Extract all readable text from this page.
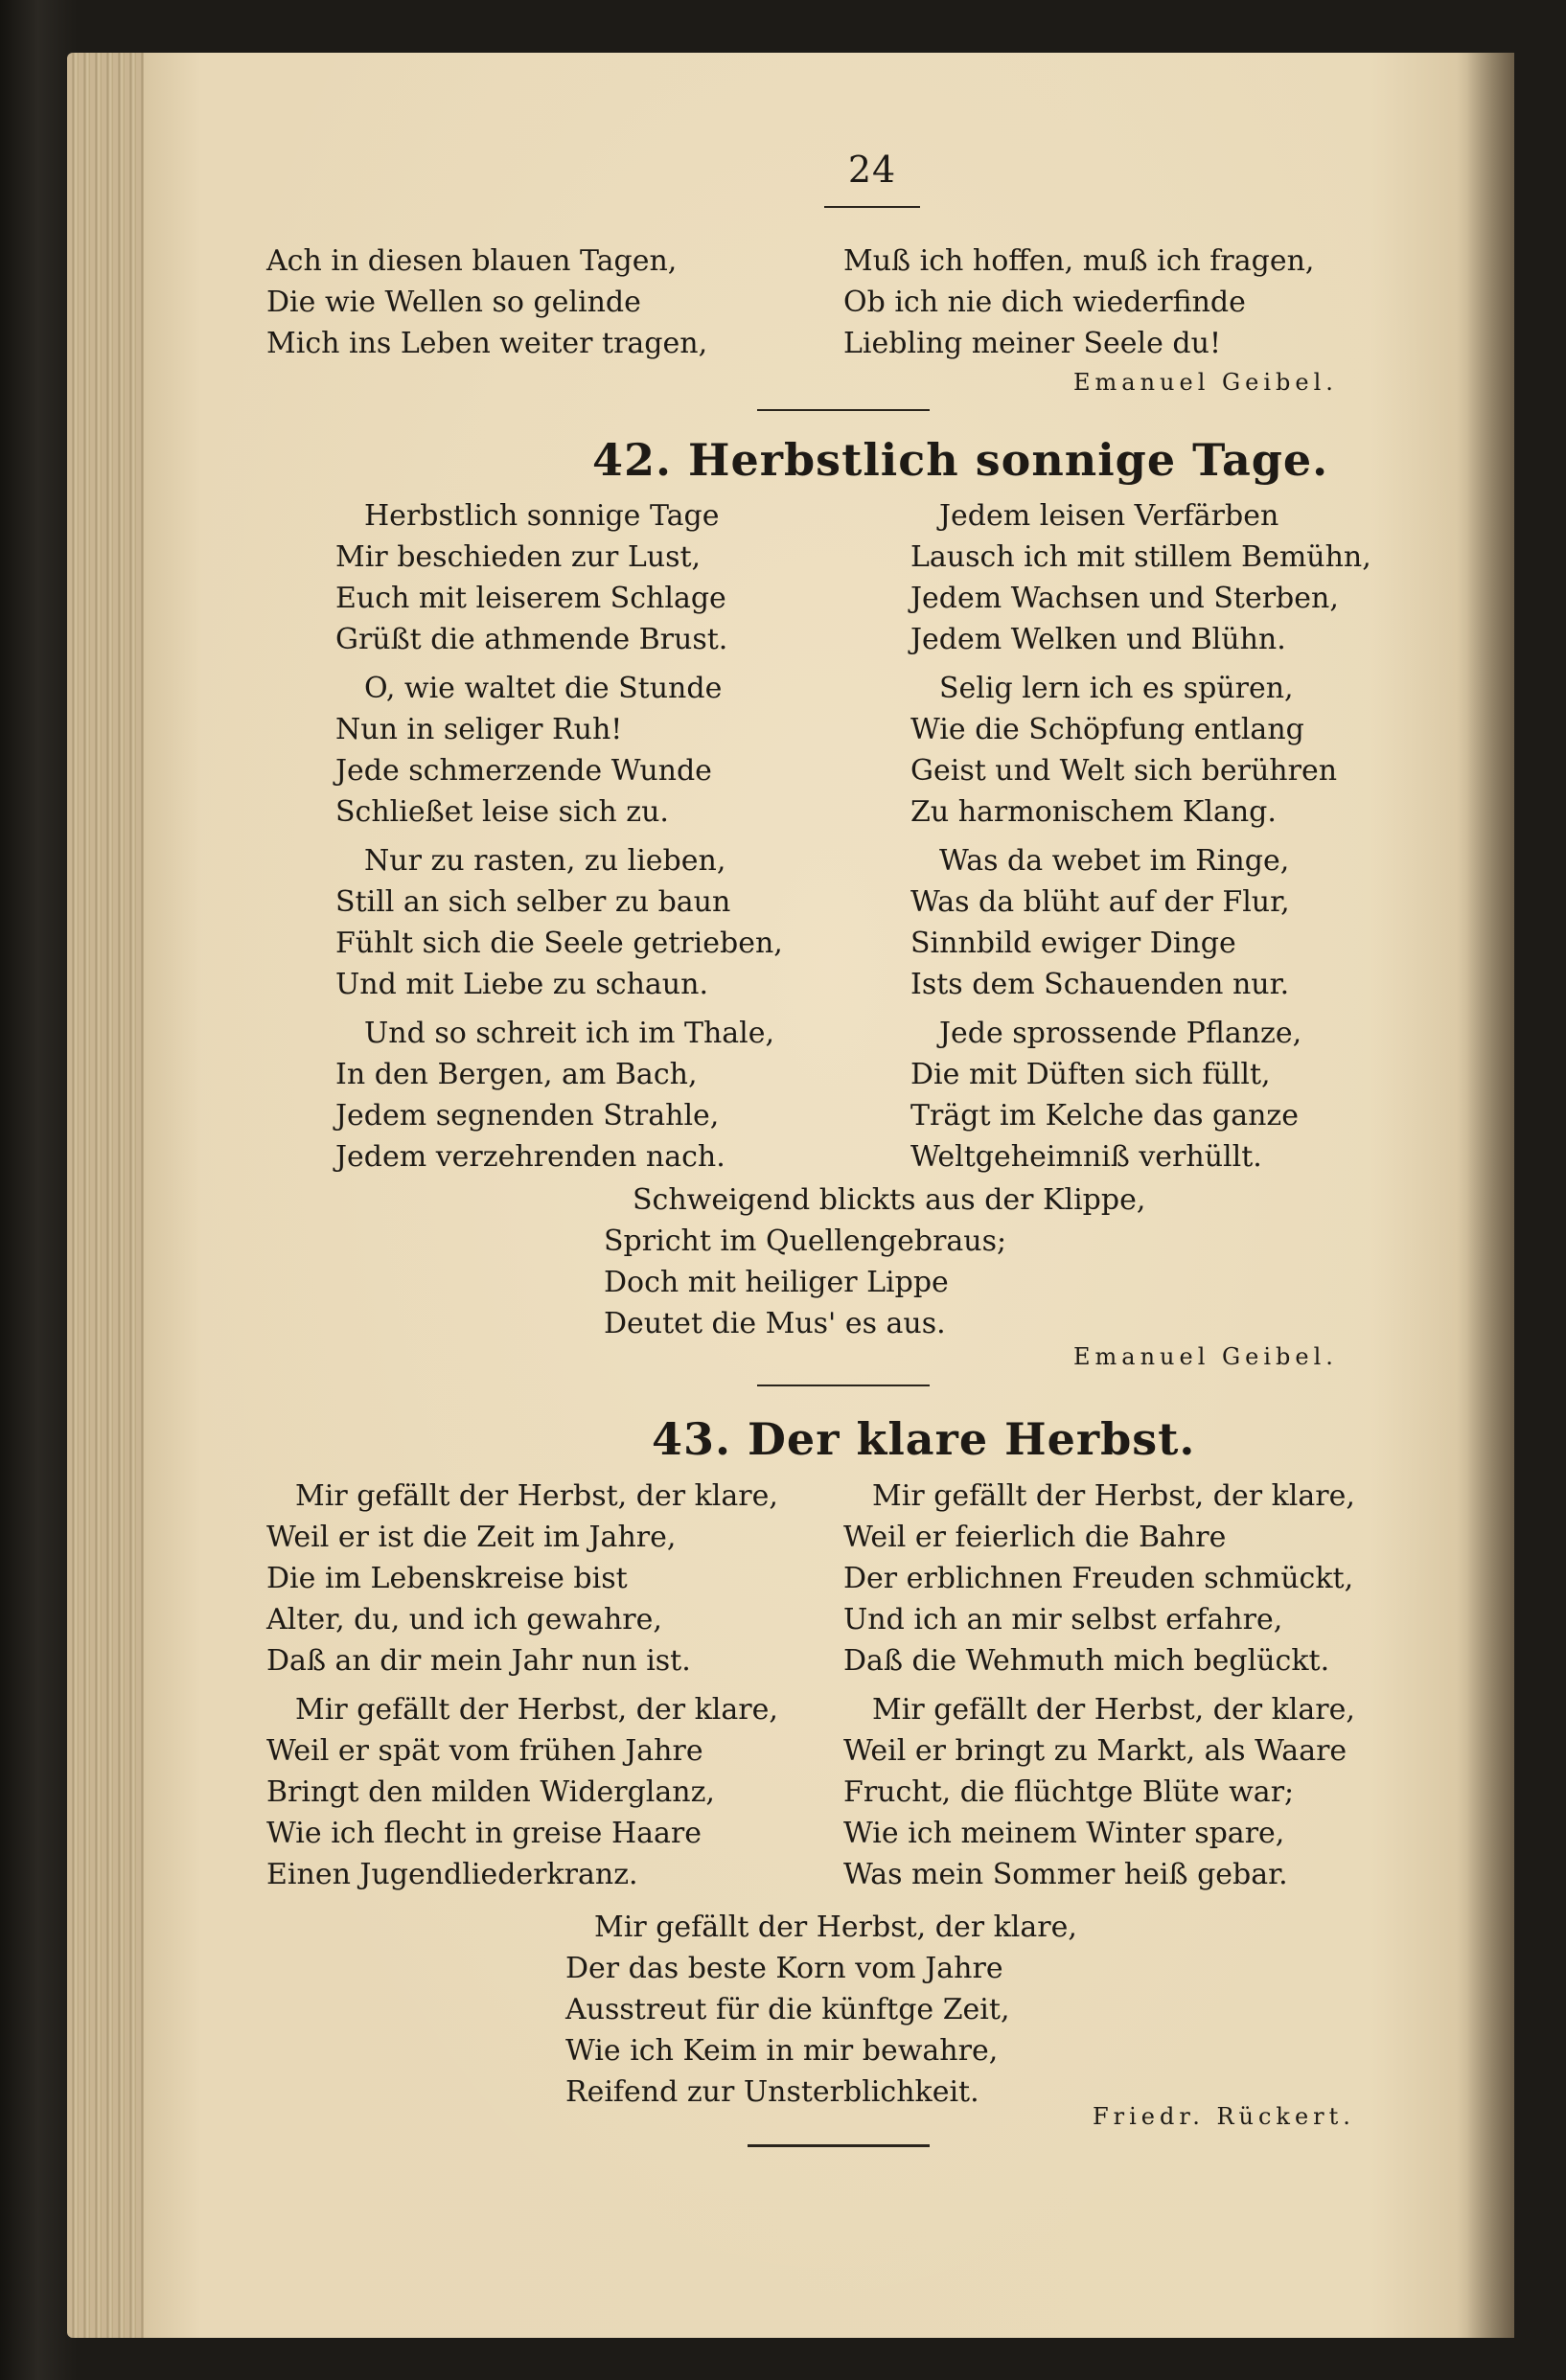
24
Ach in diesen blauen Tagen,
Die wie Wellen so gelinde
Mich ins Leben weiter tragen,
Muß ich hoffen, muß ich fragen,
Ob ich nie dich wiederfinde
Liebling meiner Seele du!
Emanuel Geibel.
42. Herbstlich sonnige Tage.
Herbstlich sonnige Tage
Mir beschieden zur Lust,
Euch mit leiserem Schlage
Grüßt die athmende Brust.
O, wie waltet die Stunde
Nun in seliger Ruh!
Jede schmerzende Wunde
Schließet leise sich zu.
Nur zu rasten, zu lieben,
Still an sich selber zu baun
Fühlt sich die Seele getrieben,
Und mit Liebe zu schaun.
Und so schreit ich im Thale,
In den Bergen, am Bach,
Jedem segnenden Strahle,
Jedem verzehrenden nach.
Jedem leisen Verfärben
Lausch ich mit stillem Bemühn,
Jedem Wachsen und Sterben,
Jedem Welken und Blühn.
Selig lern ich es spüren,
Wie die Schöpfung entlang
Geist und Welt sich berühren
Zu harmonischem Klang.
Was da webet im Ringe,
Was da blüht auf der Flur,
Sinnbild ewiger Dinge
Ists dem Schauenden nur.
Jede sprossende Pflanze,
Die mit Düften sich füllt,
Trägt im Kelche das ganze
Weltgeheimniß verhüllt.
Schweigend blickts aus der Klippe,
Spricht im Quellengebraus;
Doch mit heiliger Lippe
Deutet die Mus' es aus.
Emanuel Geibel.
43. Der klare Herbst.
Mir gefällt der Herbst, der klare,
Weil er ist die Zeit im Jahre,
Die im Lebenskreise bist
Alter, du, und ich gewahre,
Daß an dir mein Jahr nun ist.
Mir gefällt der Herbst, der klare,
Weil er spät vom frühen Jahre
Bringt den milden Widerglanz,
Wie ich flecht in greise Haare
Einen Jugendliederkranz.
Mir gefällt der Herbst, der klare,
Weil er feierlich die Bahre
Der erblichnen Freuden schmückt,
Und ich an mir selbst erfahre,
Daß die Wehmuth mich beglückt.
Mir gefällt der Herbst, der klare,
Weil er bringt zu Markt, als Waare
Frucht, die flüchtge Blüte war;
Wie ich meinem Winter spare,
Was mein Sommer heiß gebar.
Mir gefällt der Herbst, der klare,
Der das beste Korn vom Jahre
Ausstreut für die künftge Zeit,
Wie ich Keim in mir bewahre,
Reifend zur Unsterblichkeit.
Friedr. Rückert.
